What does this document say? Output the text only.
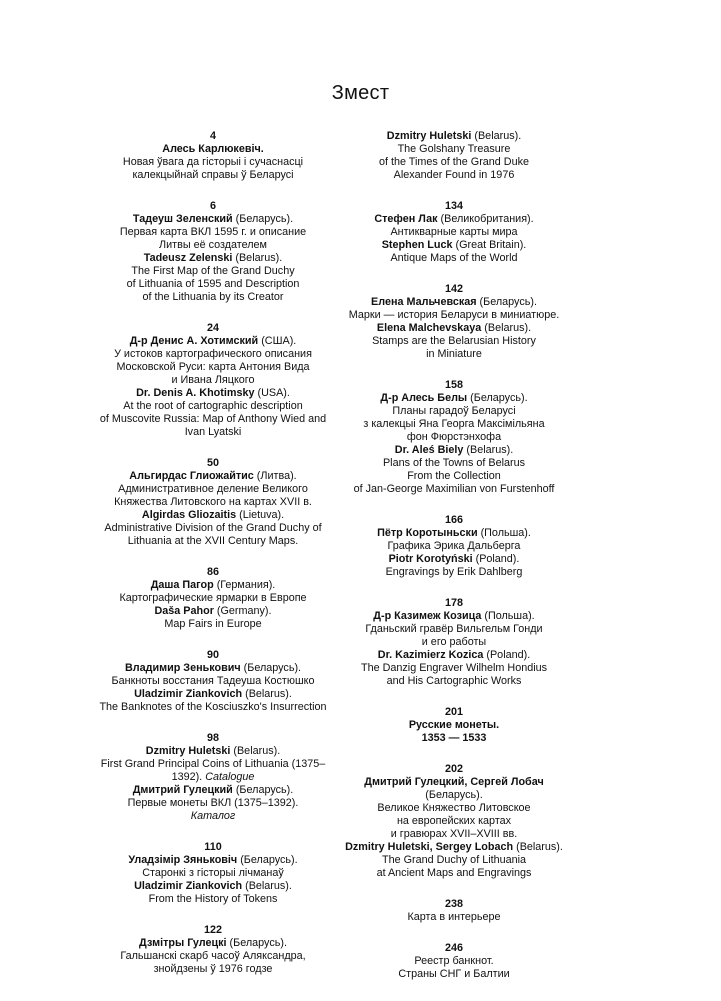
Змест
4
Алесь Карлюкевіч.
Новая ўвага да гісторыі і сучаснасці
калекцыйнай справы ў Беларусі
6
Тадеуш Зеленский (Беларусь).
Первая карта ВКЛ 1595 г. и описание
Литвы её создателем
Tadeusz Zelenski (Belarus).
The First Map of the Grand Duchy
of Lithuania of 1595 and Description
of the Lithuania by its Creator
24
Д-р Денис А. Хотимский (США).
У истоков картографического описания
Московской Руси: карта Антония Вида
и Ивана Ляцкого
Dr. Denis A. Khotimsky (USA).
At the root of cartographic description
of Muscovite Russia: Map of Anthony Wied and
Ivan Lyatski
50
Альгирдас Глиожайтис (Литва).
Административное деление Великого
Княжества Литовского на картах XVII в.
Algirdas Gliozaitis (Lietuva).
Administrative Division of the Grand Duchy of
Lithuania at the XVII Century Maps.
86
Даша Пагор (Германия).
Картографические ярмарки в Европе
Daša Pahor (Germany).
Map Fairs in Europe
90
Владимир Зенькович (Беларусь).
Банкноты восстания Тадеуша Костюшко
Uladzimir Ziankovich (Belarus).
The Banknotes of the Kosciuszko's Insurrection
98
Dzmitry Huletski (Belarus).
First Grand Principal Coins of Lithuania (1375–
1392). Catalogue
Дмитрий Гулецкий (Беларусь).
Первые монеты ВКЛ (1375–1392).
Каталог
110
Уладзімір Зяньковіч (Беларусь).
Старонкі з гісторыі лічманаў
Uladzimir Ziankovich (Belarus).
From the History of Tokens
122
Дзмітры Гулецкі (Беларусь).
Гальшанскі скарб часоў Аляксандра,
знойдзены ў 1976 годзе
Dzmitry Huletski (Belarus).
The Golshany Treasure
of the Times of the Grand Duke
Alexander Found in 1976
134
Стефен Лак (Великобритания).
Антикварные карты мира
Stephen Luck (Great Britain).
Antique Maps of the World
142
Елена Мальчевская (Беларусь).
Марки — история Беларуси в миниатюре.
Elena Malchevskaya (Belarus).
Stamps are the Belarusian History
in Miniature
158
Д-р Алесь Белы (Беларусь).
Планы гарадоў Беларусі
з калекцыі Яна Георга Максімільяна
фон Фюрстэнхофа
Dr. Aleś Biely (Belarus).
Plans of the Towns of Belarus
From the Collection
of Jan-George Maximilian von Furstenhoff
166
Пётр Коротыньски (Польша).
Графика Эрика Дальберга
Piotr Korotyński (Poland).
Engravings by Erik Dahlberg
178
Д-р Казимеж Козица (Польша).
Гданьский гравёр Вильгельм Гонди
и его работы
Dr. Kazimierz Kozica (Poland).
The Danzig Engraver Wilhelm Hondius
and His Cartographic Works
201
Русские монеты.
1353 — 1533
202
Дмитрий Гулецкий, Сергей Лобач
(Беларусь).
Великое Княжество Литовское
на европейских картах
и гравюрах XVII–XVIII вв.
Dzmitry Huletski, Sergey Lobach (Belarus).
The Grand Duchy of Lithuania
at Ancient Maps and Engravings
238
Карта в интерьере
246
Реестр банкнот.
Страны СНГ и Балтии
